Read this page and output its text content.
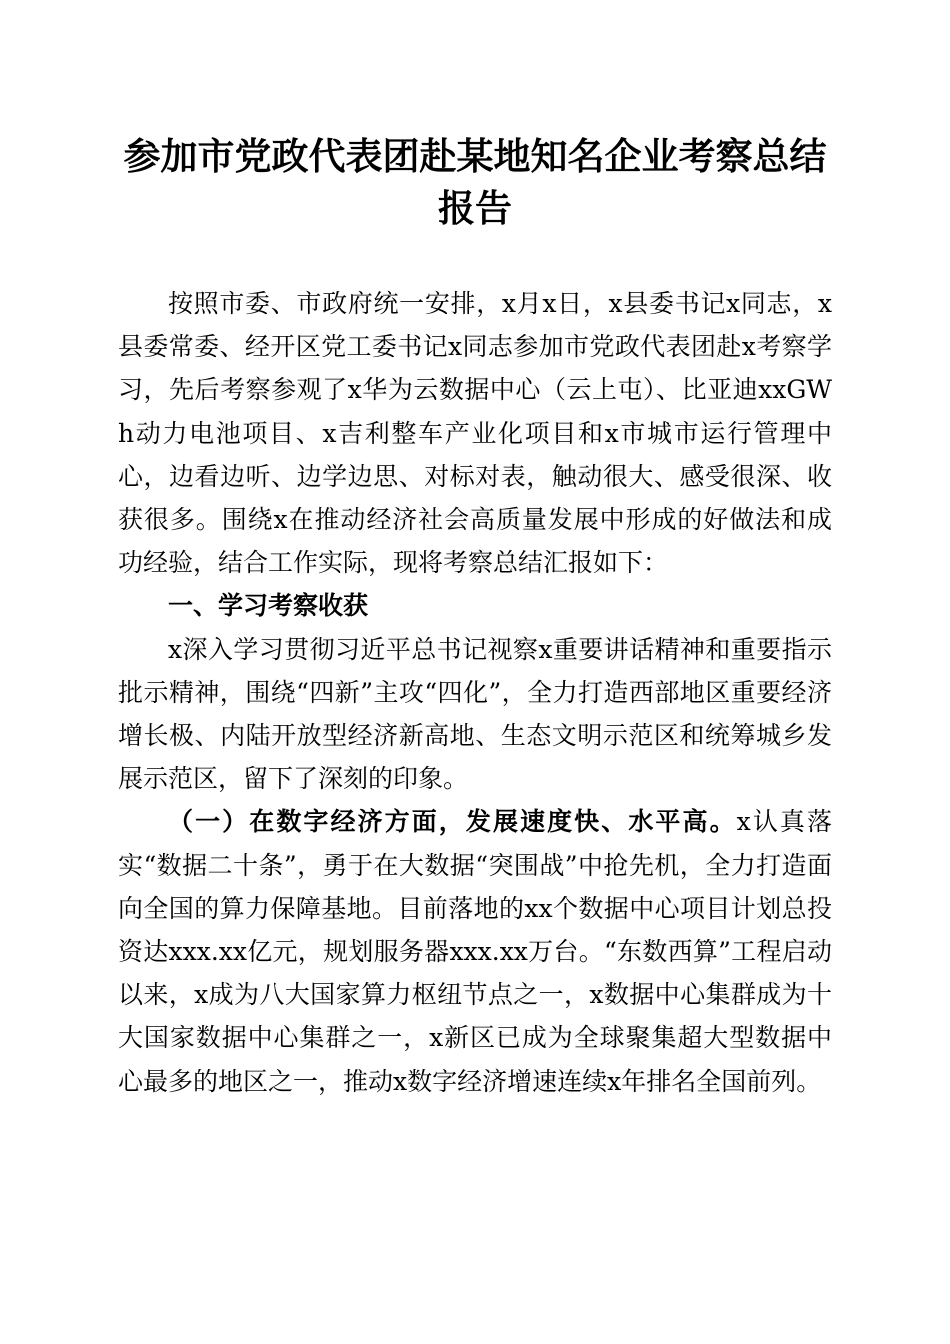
参加市党政代表团赴某地知名企业考察总结报告

按照市委、市政府统一安排，x月x日，x县委书记x同志，x县委常委、经开区党工委书记x同志参加市党政代表团赴x考察学习，先后考察参观了x华为云数据中心（云上屯）、比亚迪xxGWh动力电池项目、x吉利整车产业化项目和x市城市运行管理中心，边看边听、边学边思、对标对表，触动很大、感受很深、收获很多。围绕x在推动经济社会高质量发展中形成的好做法和成功经验，结合工作实际，现将考察总结汇报如下：

一、学习考察收获

x深入学习贯彻习近平总书记视察x重要讲话精神和重要指示批示精神，围绕“四新”主攻“四化”，全力打造西部地区重要经济增长极、内陆开放型经济新高地、生态文明示范区和统筹城乡发展示范区，留下了深刻的印象。

（一）在数字经济方面，发展速度快、水平高。x认真落实“数据二十条”，勇于在大数据“突围战”中抢先机，全力打造面向全国的算力保障基地。目前落地的xx个数据中心项目计划总投资达xxx.xx亿元，规划服务器xxx.xx万台。“东数西算”工程启动以来，x成为八大国家算力枢纽节点之一，x数据中心集群成为十大国家数据中心集群之一，x新区已成为全球聚集超大型数据中心最多的地区之一，推动x数字经济增速连续x年排名全国前列。
